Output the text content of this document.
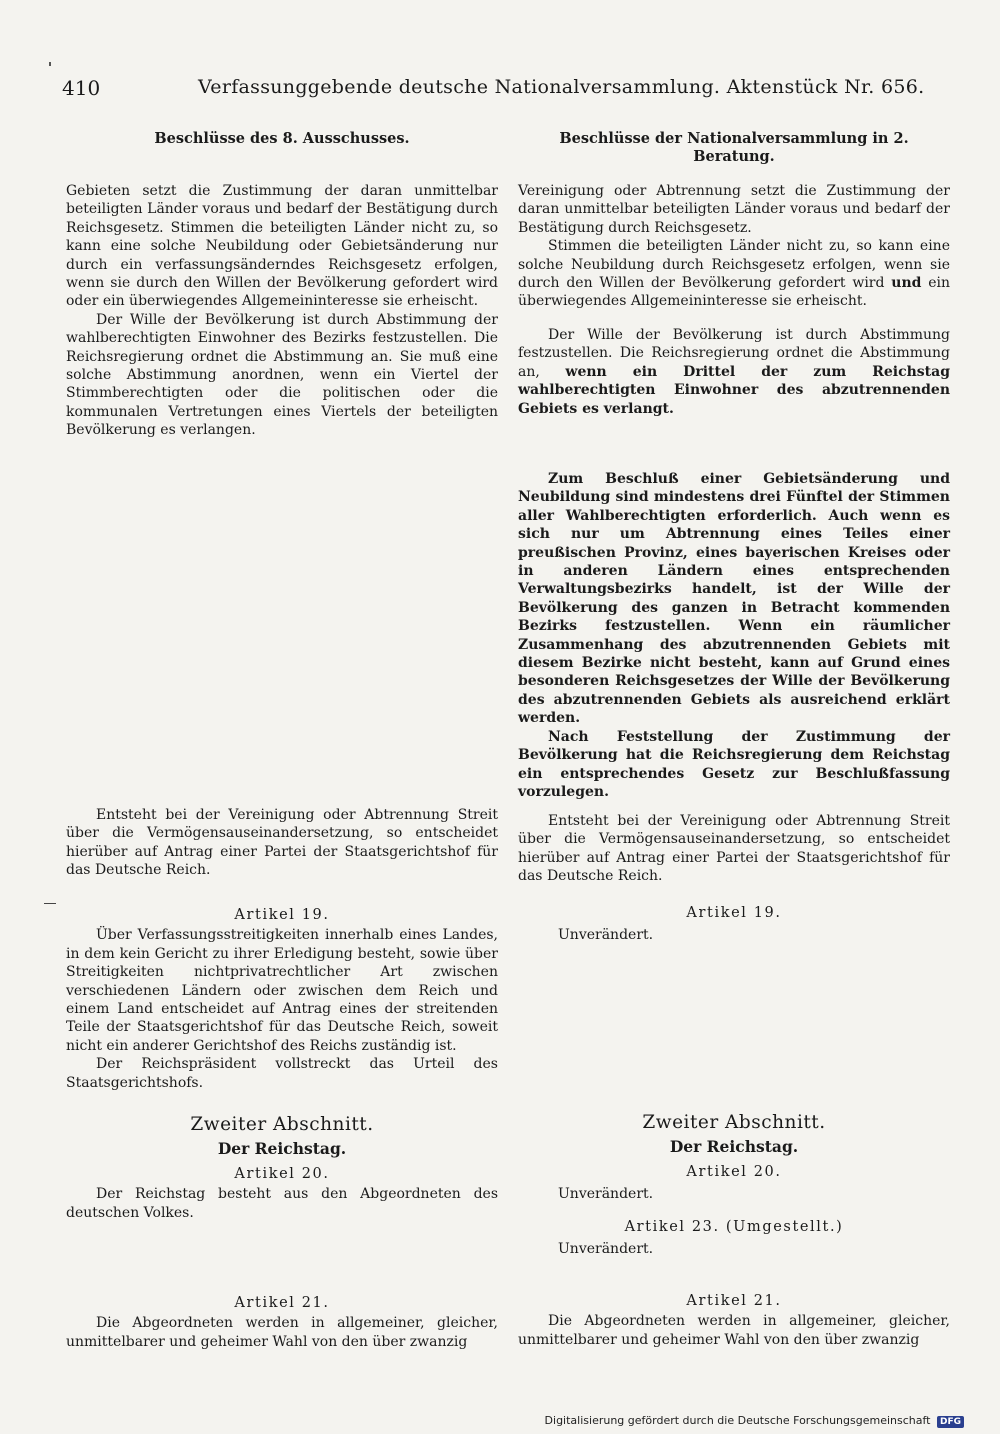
410	Verfassunggebende deutsche Nationalversammlung. Aktenstück Nr. 656.
Beschlüsse des 8. Ausschusses.

Gebieten setzt die Zustimmung der daran unmittelbar beteiligten Länder voraus und bedarf der Bestätigung durch Reichsgesetz. Stimmen die beteiligten Länder nicht zu, so kann eine solche Neubildung oder Gebietsänderung nur durch ein verfassungsänderndes Reichsgesetz erfolgen, wenn sie durch den Willen der Bevölkerung gefordert wird oder ein überwiegendes Allgemeininteresse sie erheischt.

Der Wille der Bevölkerung ist durch Abstimmung der wahlberechtigten Einwohner des Bezirks festzustellen. Die Reichsregierung ordnet die Abstimmung an. Sie muß eine solche Abstimmung anordnen, wenn ein Viertel der Stimmberechtigten oder die politischen oder die kommunalen Vertretungen eines Viertels der beteiligten Bevölkerung es verlangen.

Entsteht bei der Vereinigung oder Abtrennung Streit über die Vermögensauseinandersetzung, so entscheidet hierüber auf Antrag einer Partei der Staatsgerichtshof für das Deutsche Reich.

Artikel 19.

Über Verfassungsstreitigkeiten innerhalb eines Landes, in dem kein Gericht zu ihrer Erledigung besteht, sowie über Streitigkeiten nichtprivatrechtlicher Art zwischen verschiedenen Ländern oder zwischen dem Reich und einem Land entscheidet auf Antrag eines der streitenden Teile der Staatsgerichtshof für das Deutsche Reich, soweit nicht ein anderer Gerichtshof des Reichs zuständig ist.

Der Reichspräsident vollstreckt das Urteil des Staatsgerichtshofs.

Zweiter Abschnitt.

Der Reichstag.

Artikel 20.

Der Reichstag besteht aus den Abgeordneten des deutschen Volkes.

Artikel 21.

Die Abgeordneten werden in allgemeiner, gleicher, unmittelbarer und geheimer Wahl von den über zwanzig

Beschlüsse der Nationalversammlung in 2. Beratung.

Vereinigung oder Abtrennung setzt die Zustimmung der daran unmittelbar beteiligten Länder voraus und bedarf der Bestätigung durch Reichsgesetz.

Stimmen die beteiligten Länder nicht zu, so kann eine solche Neubildung durch Reichsgesetz erfolgen, wenn sie durch den Willen der Bevölkerung gefordert wird und ein überwiegendes Allgemeininteresse sie erheischt.

Der Wille der Bevölkerung ist durch Abstimmung festzustellen. Die Reichsregierung ordnet die Abstimmung an, wenn ein Drittel der zum Reichstag wahlberechtigten Einwohner des abzutrennenden Gebiets es verlangt.

Zum Beschluß einer Gebietsänderung und Neubildung sind mindestens drei Fünftel der Stimmen aller Wahlberechtigten erforderlich. Auch wenn es sich nur um Abtrennung eines Teiles einer preußischen Provinz, eines bayerischen Kreises oder in anderen Ländern eines entsprechenden Verwaltungsbezirks handelt, ist der Wille der Bevölkerung des ganzen in Betracht kommenden Bezirks festzustellen. Wenn ein räumlicher Zusammenhang des abzutrennenden Gebiets mit diesem Bezirke nicht besteht, kann auf Grund eines besonderen Reichsgesetzes der Wille der Bevölkerung des abzutrennenden Gebiets als ausreichend erklärt werden.

Nach Feststellung der Zustimmung der Bevölkerung hat die Reichsregierung dem Reichstag ein entsprechendes Gesetz zur Beschlußfassung vorzulegen.

Entsteht bei der Vereinigung oder Abtrennung Streit über die Vermögensauseinandersetzung, so entscheidet hierüber auf Antrag einer Partei der Staatsgerichtshof für das Deutsche Reich.

Artikel 19.

Unverändert.

Zweiter Abschnitt.

Der Reichstag.

Artikel 20.

Unverändert.

Artikel 23. (Umgestellt.)

Unverändert.

Artikel 21.

Die Abgeordneten werden in allgemeiner, gleicher, unmittelbarer und geheimer Wahl von den über zwanzig

Digitalisierung gefördert durch die Deutsche Forschungsgemeinschaft DFG
